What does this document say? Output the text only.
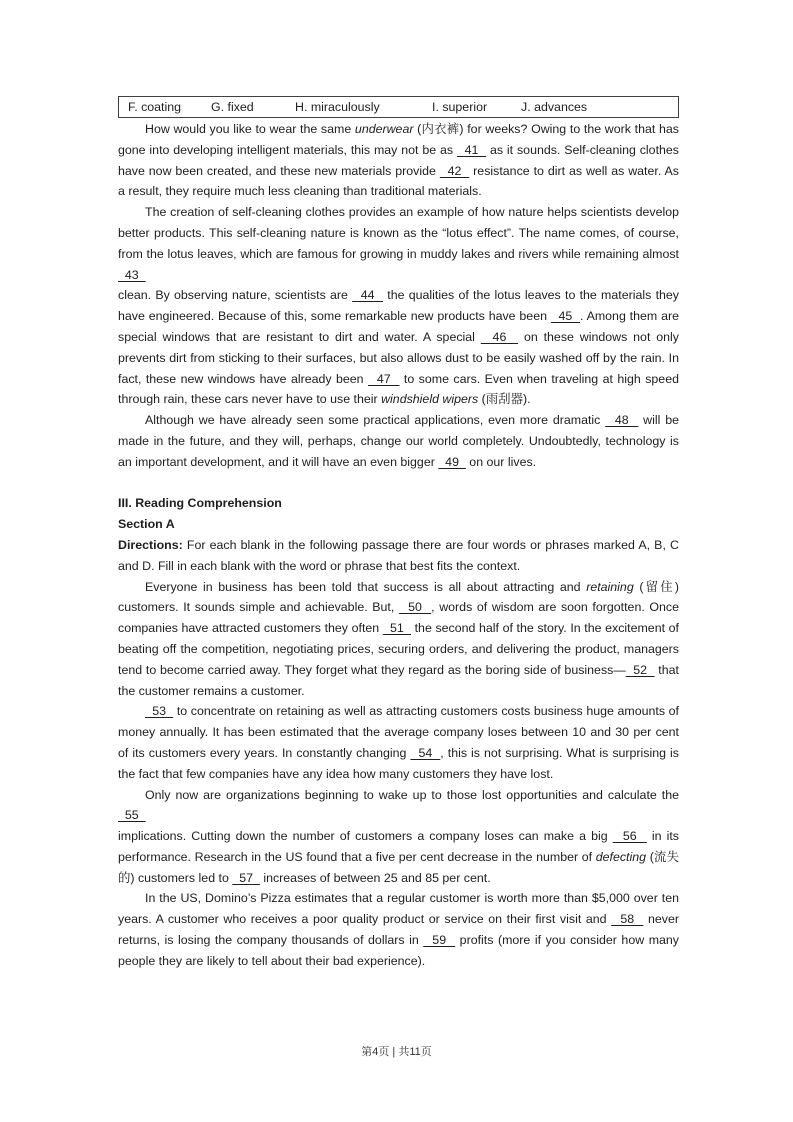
F. coating	G. fixed	H. miraculously	I. superior	J. advances

How would you like to wear the same underwear (内衣裤) for weeks? Owing to the work that has gone into developing intelligent materials, this may not be as   41   as it sounds. Self-cleaning clothes have now been created, and these new materials provide   42   resistance to dirt as well as water. As a result, they require much less cleaning than traditional materials.

The creation of self-cleaning clothes provides an example of how nature helps scientists develop better products. This self-cleaning nature is known as the “lotus effect”. The name comes, of course, from the lotus leaves, which are famous for growing in muddy lakes and rivers while remaining almost   43

clean. By observing nature, scientists are   44   the qualities of the lotus leaves to the materials they have engineered. Because of this, some remarkable new products have been   45  . Among them are special windows that are resistant to dirt and water. A special   46   on these windows not only prevents dirt from sticking to their surfaces, but also allows dust to be easily washed off by the rain. In fact, these new windows have already been   47   to some cars. Even when traveling at high speed through rain, these cars never have to use their windshield wipers (雨刮器).

Although we have already seen some practical applications, even more dramatic   48   will be made in the future, and they will, perhaps, change our world completely. Undoubtedly, technology is an important development, and it will have an even bigger   49   on our lives.

III. Reading Comprehension
Section A

Directions: For each blank in the following passage there are four words or phrases marked A, B, C and D. Fill in each blank with the word or phrase that best fits the context.

Everyone in business has been told that success is all about attracting and retaining (留住) customers. It sounds simple and achievable. But,   50  , words of wisdom are soon forgotten. Once companies have attracted customers they often   51   the second half of the story. In the excitement of beating off the competition, negotiating prices, securing orders, and delivering the product, managers tend to become carried away. They forget what they regard as the boring side of business—  52   that the customer remains a customer.

53   to concentrate on retaining as well as attracting customers costs business huge amounts of money annually. It has been estimated that the average company loses between 10 and 30 per cent of its customers every years. In constantly changing   54  , this is not surprising. What is surprising is the fact that few companies have any idea how many customers they have lost.

Only now are organizations beginning to wake up to those lost opportunities and calculate the   55

implications. Cutting down the number of customers a company loses can make a big   56   in its performance. Research in the US found that a five per cent decrease in the number of defecting (流失的) customers led to   57   increases of between 25 and 85 per cent.

In the US, Domino’s Pizza estimates that a regular customer is worth more than $5,000 over ten years. A customer who receives a poor quality product or service on their first visit and   58   never returns, is losing the company thousands of dollars in   59   profits (more if you consider how many people they are likely to tell about their bad experience).

第4页 | 共11页
